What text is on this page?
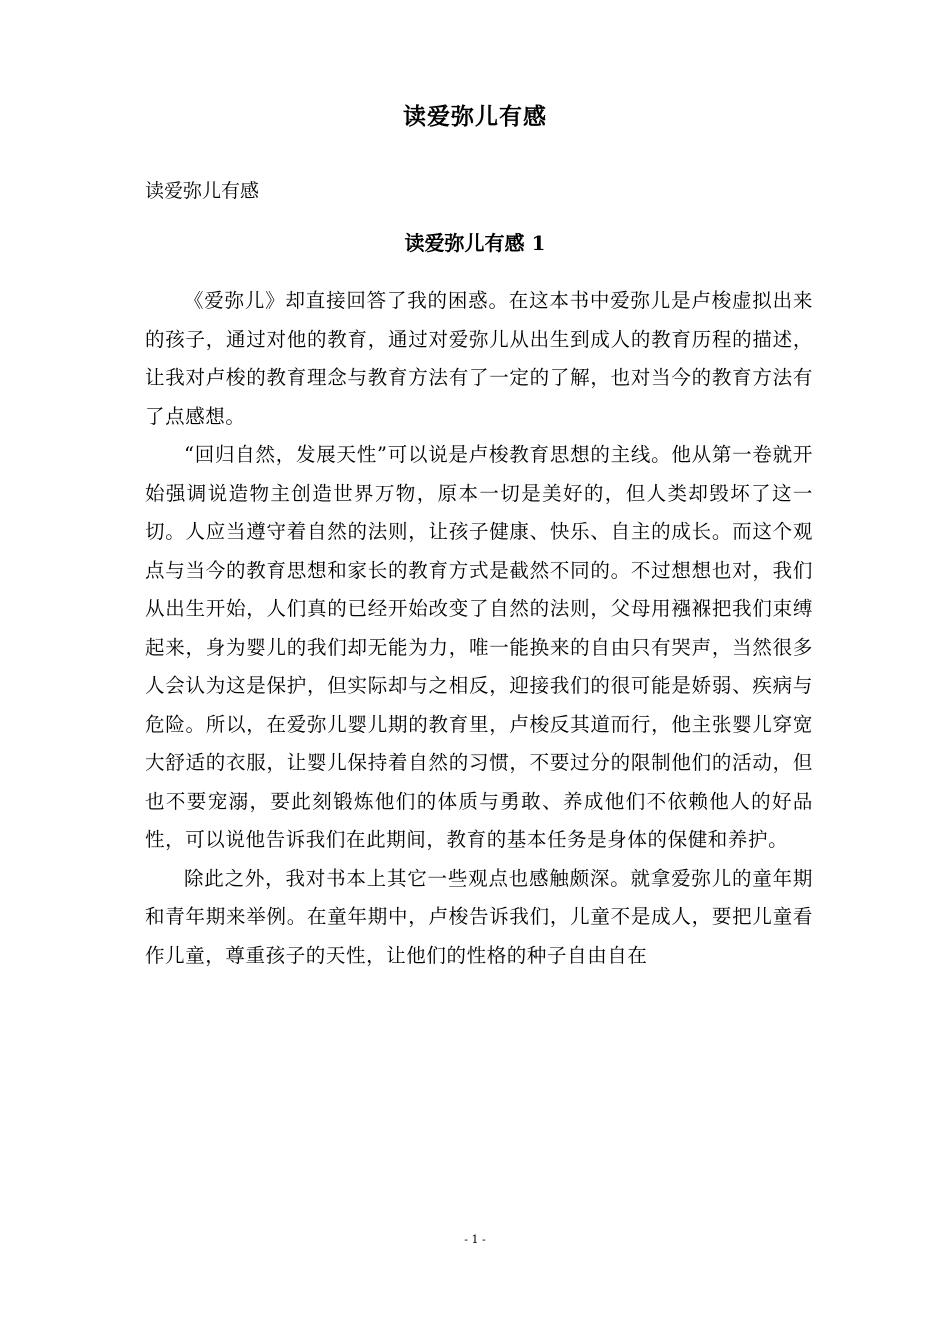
读爱弥儿有感
读爱弥儿有感
读爱弥儿有感 1

《爱弥儿》却直接回答了我的困惑。在这本书中爱弥儿是卢梭虚拟出来的孩子，通过对他的教育，通过对爱弥儿从出生到成人的教育历程的描述，让我对卢梭的教育理念与教育方法有了一定的了解，也对当今的教育方法有了点感想。

“回归自然，发展天性”可以说是卢梭教育思想的主线。他从第一卷就开始强调说造物主创造世界万物，原本一切是美好的，但人类却毁坏了这一切。人应当遵守着自然的法则，让孩子健康、快乐、自主的成长。而这个观点与当今的教育思想和家长的教育方式是截然不同的。不过想想也对，我们从出生开始，人们真的已经开始改变了自然的法则，父母用襁褓把我们束缚起来，身为婴儿的我们却无能为力，唯一能换来的自由只有哭声，当然很多人会认为这是保护，但实际却与之相反，迎接我们的很可能是娇弱、疾病与危险。所以，在爱弥儿婴儿期的教育里，卢梭反其道而行，他主张婴儿穿宽大舒适的衣服，让婴儿保持着自然的习惯，不要过分的限制他们的活动，但也不要宠溺，要此刻锻炼他们的体质与勇敢、养成他们不依赖他人的好品性，可以说他告诉我们在此期间，教育的基本任务是身体的保健和养护。

除此之外，我对书本上其它一些观点也感触颇深。就拿爱弥儿的童年期和青年期来举例。在童年期中，卢梭告诉我们，儿童不是成人，要把儿童看作儿童，尊重孩子的天性，让他们的性格的种子自由自在

- 1 -
